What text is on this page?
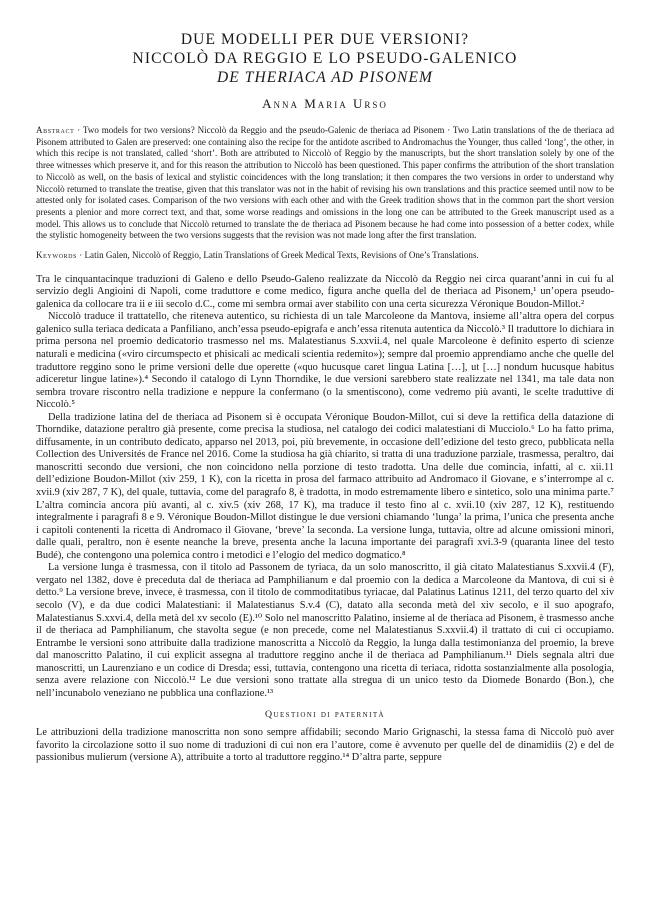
DUE MODELLI PER DUE VERSIONI?
NICCOLÒ DA REGGIO E LO PSEUDO-GALENICO
DE THERIACA AD PISONEM
Anna Maria Urso

Abstract · Two models for two versions? Niccolò da Reggio and the pseudo-Galenic de theriaca ad Pisonem · Two Latin translations of the de theriaca ad Pisonem attributed to Galen are preserved: one containing also the recipe for the antidote ascribed to Andromachus the Younger, thus called ‘long’, the other, in which this recipe is not translated, called ‘short’. Both are attributed to Niccolò of Reggio by the manuscripts, but the short translation solely by one of the three witnesses which preserve it, and for this reason the attribution to Niccolò has been questioned. This paper confirms the attribution of the short translation to Niccolò as well, on the basis of lexical and stylistic coincidences with the long translation; it then compares the two versions in order to understand why Niccolò returned to translate the treatise, given that this translator was not in the habit of revising his own translations and this practice seemed until now to be attested only for isolated cases. Comparison of the two versions with each other and with the Greek tradition shows that in the common part the short version presents a plenior and more correct text, and that, some worse readings and omissions in the long one can be attributed to the Greek manuscript used as a model. This allows us to conclude that Niccolò returned to translate the de theriaca ad Pisonem because he had come into possession of a better codex, while the stylistic homogeneity between the two versions suggests that the revision was not made long after the first translation.

Keywords · Latin Galen, Niccolò of Reggio, Latin Translations of Greek Medical Texts, Revisions of One’s Translations.

Tra le cinquantacinque traduzioni di Galeno e dello Pseudo-Galeno realizzate da Niccolò da Reggio nei circa quarant’anni in cui fu al servizio degli Angioini di Napoli, come traduttore e come medico, figura anche quella del de theriaca ad Pisonem,¹ un’opera pseudo-galenica da collocare tra ii e iii secolo d.C., come mi sembra ormai aver stabilito con una certa sicurezza Véronique Boudon-Millot.²

Niccolò traduce il trattatello, che riteneva autentico, su richiesta di un tale Marcoleone da Mantova, insieme all’altra opera del corpus galenico sulla teriaca dedicata a Panfiliano, anch’essa pseudo-epigrafa e anch’essa ritenuta autentica da Niccolò.³ Il traduttore lo dichiara in prima persona nel proemio dedicatorio trasmesso nel ms. Malatestianus S.xxvii.4, nel quale Marcoleone è definito esperto di scienze naturali e medicina («viro circumspecto et phisicali ac medicali scientia redemito»); sempre dal proemio apprendiamo anche che quelle del traduttore reggino sono le prime versioni delle due operette («quo hucusque caret lingua Latina […], ut […] nondum hucusque habitus adiceretur lingue latine»).⁴ Secondo il catalogo di Lynn Thorndike, le due versioni sarebbero state realizzate nel 1341, ma tale data non sembra trovare riscontro nella tradizione e neppure la confermano (o la smentiscono), come vedremo più avanti, le scelte traduttive di Niccolò.⁵

Della tradizione latina del de theriaca ad Pisonem si è occupata Véronique Boudon-Millot, cui si deve la rettifica della datazione di Thorndike, datazione peraltro già presente, come precisa la studiosa, nel catalogo dei codici malatestiani di Mucciolo.⁶ Lo ha fatto prima, diffusamente, in un contributo dedicato, apparso nel 2013, poi, più brevemente, in occasione dell’edizione del testo greco, pubblicata nella Collection des Universités de France nel 2016. Come la studiosa ha già chiarito, si tratta di una traduzione parziale, trasmessa, peraltro, dai manoscritti secondo due versioni, che non coincidono nella porzione di testo tradotta. Una delle due comincia, infatti, al c. xii.11 dell’edizione Boudon-Millot (xiv 259, 1 K), con la ricetta in prosa del farmaco attribuito ad Andromaco il Giovane, e s’interrompe al c. xvii.9 (xiv 287, 7 K), del quale, tuttavia, come del paragrafo 8, è tradotta, in modo estremamente libero e sintetico, solo una minima parte.⁷ L’altra comincia ancora più avanti, al c. xiv.5 (xiv 268, 17 K), ma traduce il testo fino al c. xvii.10 (xiv 287, 12 K), restituendo integralmente i paragrafi 8 e 9. Véronique Boudon-Millot distingue le due versioni chiamando ‘lunga’ la prima, l’unica che presenta anche i capitoli contenenti la ricetta di Andromaco il Giovane, ‘breve’ la seconda. La versione lunga, tuttavia, oltre ad alcune omissioni minori, dalle quali, peraltro, non è esente neanche la breve, presenta anche la lacuna importante dei paragrafi xvi.3-9 (quaranta linee del testo Budé), che contengono una polemica contro i metodici e l’elogio del medico dogmatico.⁸

La versione lunga è trasmessa, con il titolo ad Passonem de tyriaca, da un solo manoscritto, il già citato Malatestianus S.xxvii.4 (F), vergato nel 1382, dove è preceduta dal de theriaca ad Pamphilianum e dal proemio con la dedica a Marcoleone da Mantova, di cui si è detto.⁹ La versione breve, invece, è trasmessa, con il titolo de commoditatibus tyriacae, dal Palatinus Latinus 1211, del terzo quarto del xiv secolo (V), e da due codici Malatestiani: il Malatestianus S.v.4 (C), datato alla seconda metà del xiv secolo, e il suo apografo, Malatestianus S.xxvi.4, della metà del xv secolo (E).¹⁰ Solo nel manoscritto Palatino, insieme al de theriaca ad Pisonem, è trasmesso anche il de theriaca ad Pamphilianum, che stavolta segue (e non precede, come nel Malatestianus S.xxvii.4) il trattato di cui ci occupiamo. Entrambe le versioni sono attribuite dalla tradizione manoscritta a Niccolò da Reggio, la lunga dalla testimonianza del proemio, la breve dal manoscritto Palatino, il cui explicit assegna al traduttore reggino anche il de theriaca ad Pamphilianum.¹¹ Diels segnala altri due manoscritti, un Laurenziano e un codice di Dresda; essi, tuttavia, contengono una ricetta di teriaca, ridotta sostanzialmente alla posologia, senza avere relazione con Niccolò.¹² Le due versioni sono trattate alla stregua di un unico testo da Diomede Bonardo (Bon.), che nell’incunabolo veneziano ne pubblica una conflazione.¹³

Questioni di paternità

Le attribuzioni della tradizione manoscritta non sono sempre affidabili; secondo Mario Grignaschi, la stessa fama di Niccolò può aver favorito la circolazione sotto il suo nome di traduzioni di cui non era l’autore, come è avvenuto per quelle del de dinamidiis (2) e del de passionibus mulierum (versione A), attribuite a torto al traduttore reggino.¹⁴ D’altra parte, seppure
